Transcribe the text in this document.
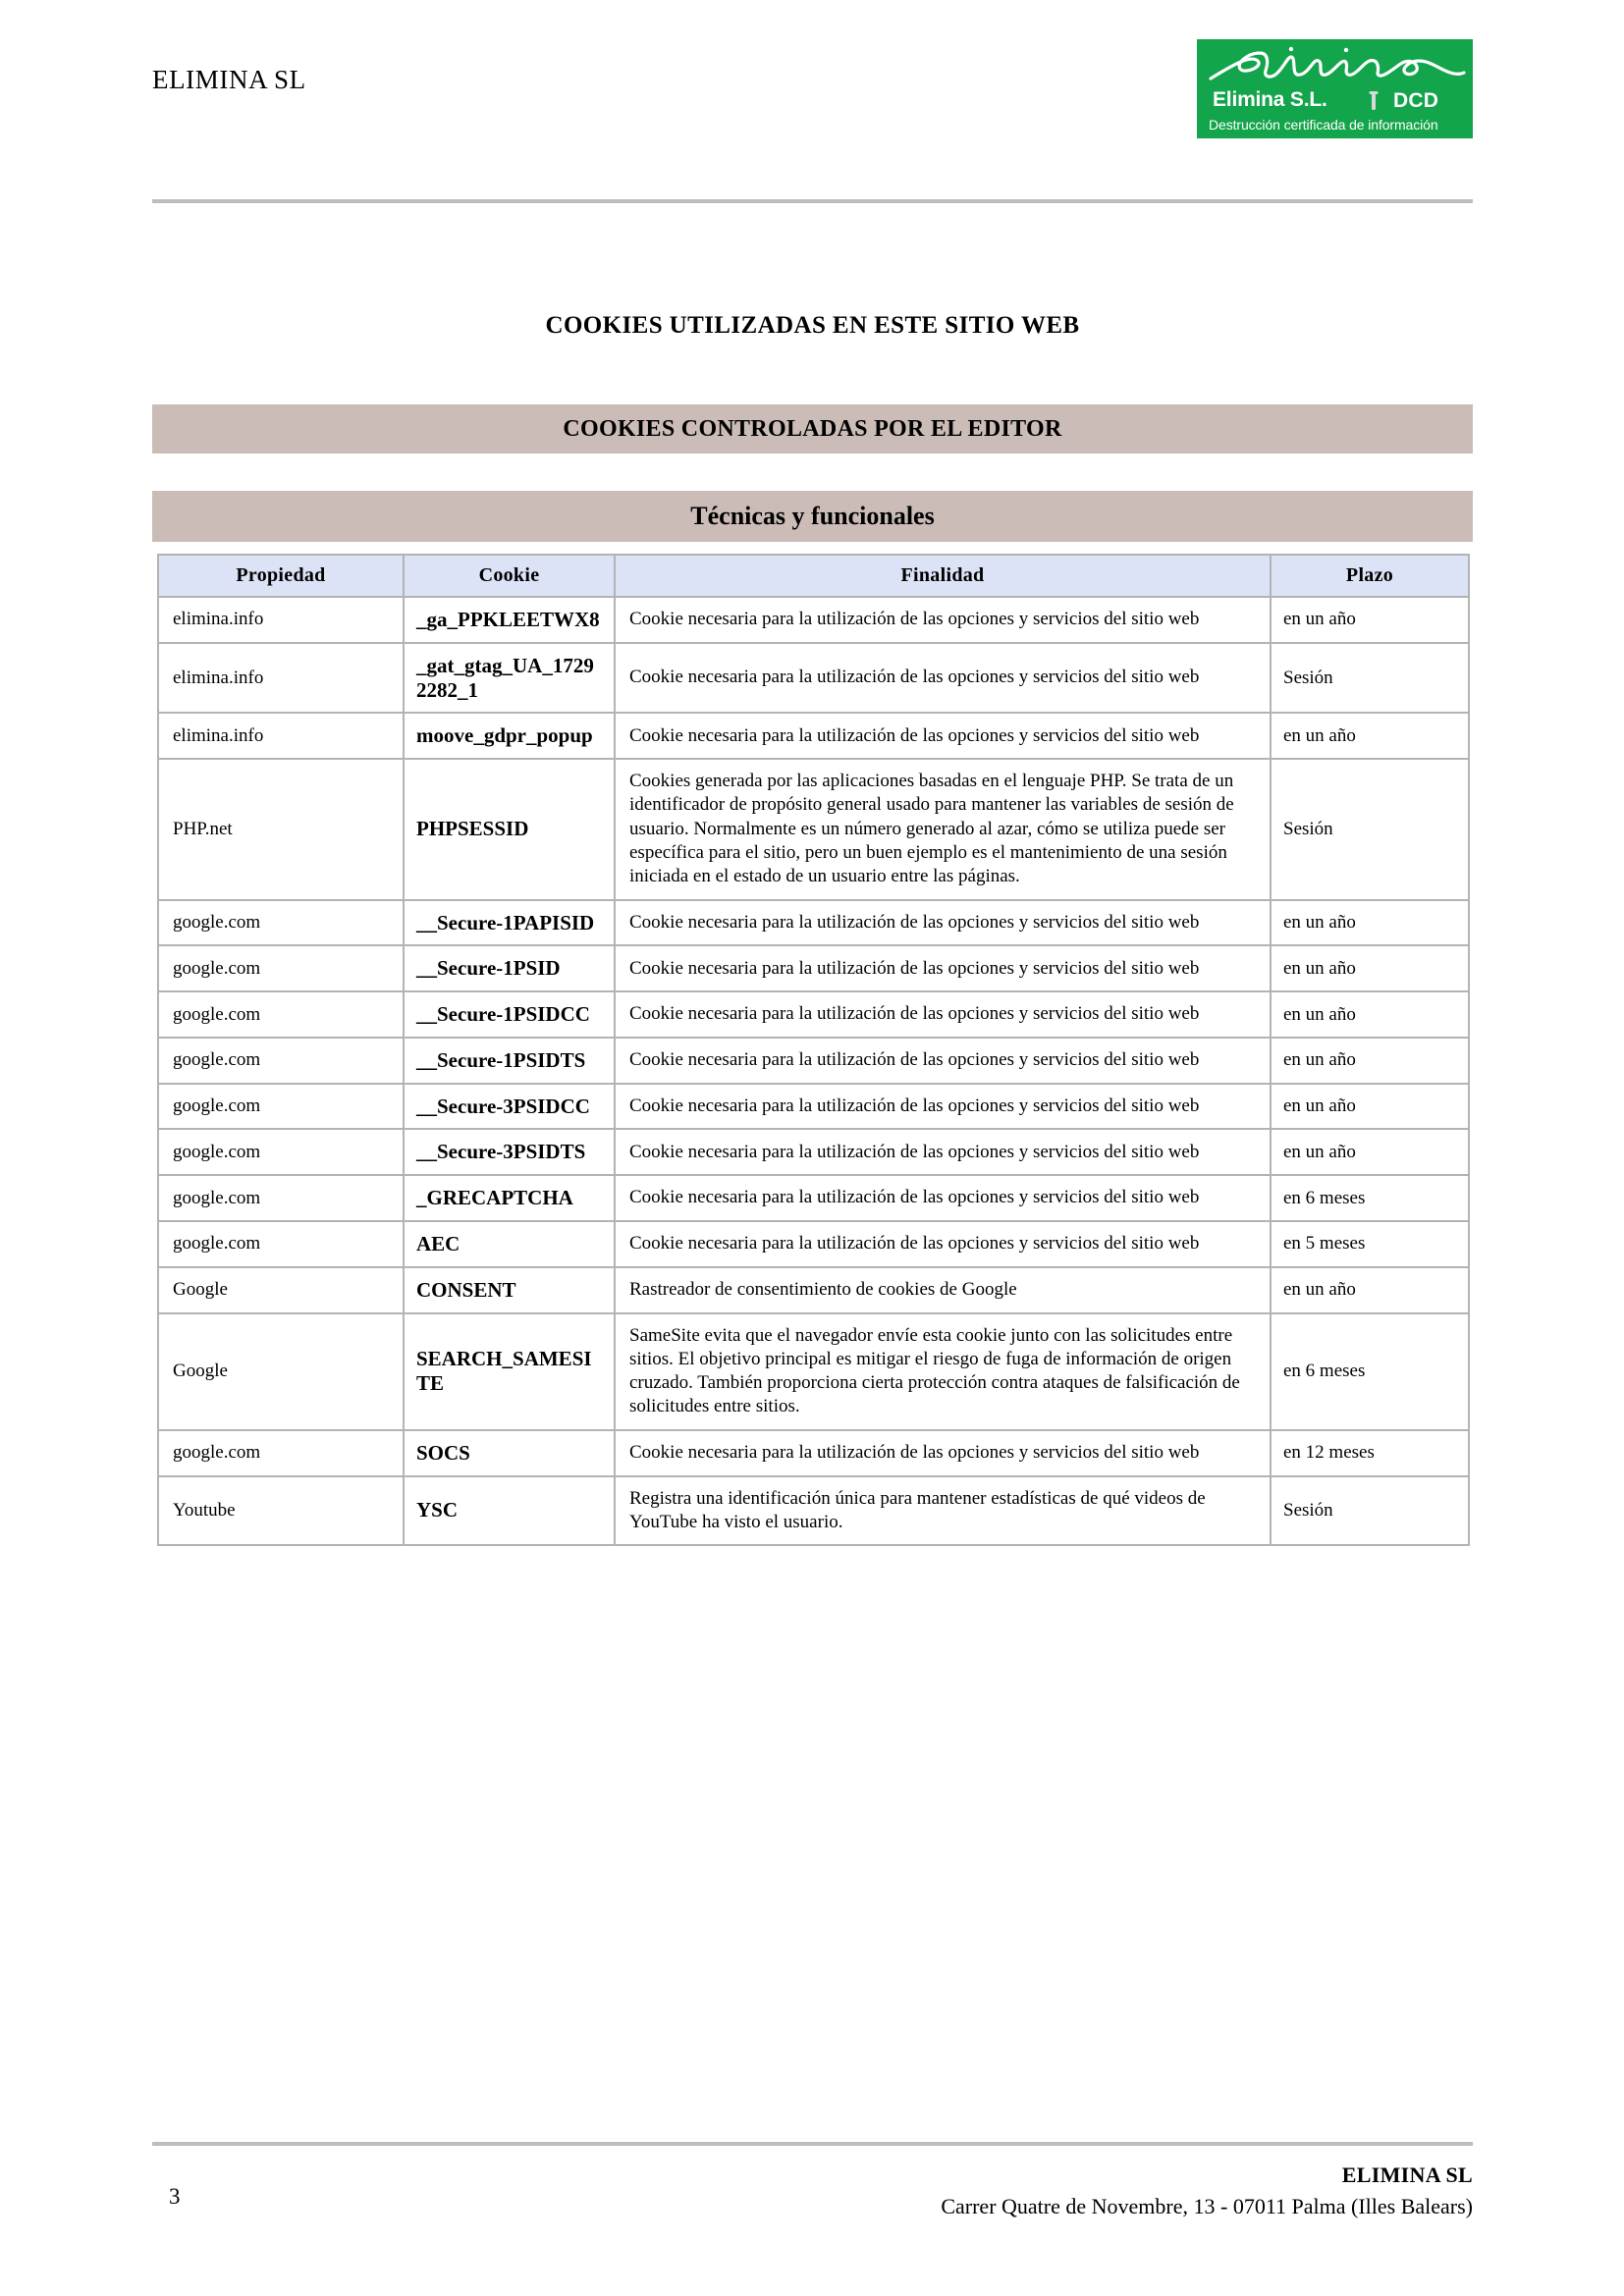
ELIMINA SL
Elimina S.L.	DCD
Destrucción certificada de información
COOKIES UTILIZADAS EN ESTE SITIO WEB
COOKIES CONTROLADAS POR EL EDITOR
Técnicas y funcionales
Propiedad	Cookie	Finalidad	Plazo
elimina.info	_ga_PPKLEETWX8	Cookie necesaria para la utilización de las opciones y servicios del sitio web	en un año
elimina.info	_gat_gtag_UA_17292282_1	Cookie necesaria para la utilización de las opciones y servicios del sitio web	Sesión
elimina.info	moove_gdpr_popup	Cookie necesaria para la utilización de las opciones y servicios del sitio web	en un año
PHP.net	PHPSESSID	Cookies generada por las aplicaciones basadas en el lenguaje PHP. Se trata de un identificador de propósito general usado para mantener las variables de sesión de usuario. Normalmente es un número generado al azar, cómo se utiliza puede ser específica para el sitio, pero un buen ejemplo es el mantenimiento de una sesión iniciada en el estado de un usuario entre las páginas.	Sesión
google.com	__Secure-1PAPISID	Cookie necesaria para la utilización de las opciones y servicios del sitio web	en un año
google.com	__Secure-1PSID	Cookie necesaria para la utilización de las opciones y servicios del sitio web	en un año
google.com	__Secure-1PSIDCC	Cookie necesaria para la utilización de las opciones y servicios del sitio web	en un año
google.com	__Secure-1PSIDTS	Cookie necesaria para la utilización de las opciones y servicios del sitio web	en un año
google.com	__Secure-3PSIDCC	Cookie necesaria para la utilización de las opciones y servicios del sitio web	en un año
google.com	__Secure-3PSIDTS	Cookie necesaria para la utilización de las opciones y servicios del sitio web	en un año
google.com	_GRECAPTCHA	Cookie necesaria para la utilización de las opciones y servicios del sitio web	en 6 meses
google.com	AEC	Cookie necesaria para la utilización de las opciones y servicios del sitio web	en 5 meses
Google	CONSENT	Rastreador de consentimiento de cookies de Google	en un año
Google	SEARCH_SAMESITE	SameSite evita que el navegador envíe esta cookie junto con las solicitudes entre sitios. El objetivo principal es mitigar el riesgo de fuga de información de origen cruzado. También proporciona cierta protección contra ataques de falsificación de solicitudes entre sitios.	en 6 meses
google.com	SOCS	Cookie necesaria para la utilización de las opciones y servicios del sitio web	en 12 meses
Youtube	YSC	Registra una identificación única para mantener estadísticas de qué videos de YouTube ha visto el usuario.	Sesión
3
ELIMINA SL
Carrer Quatre de Novembre, 13 - 07011 Palma (Illes Balears)
